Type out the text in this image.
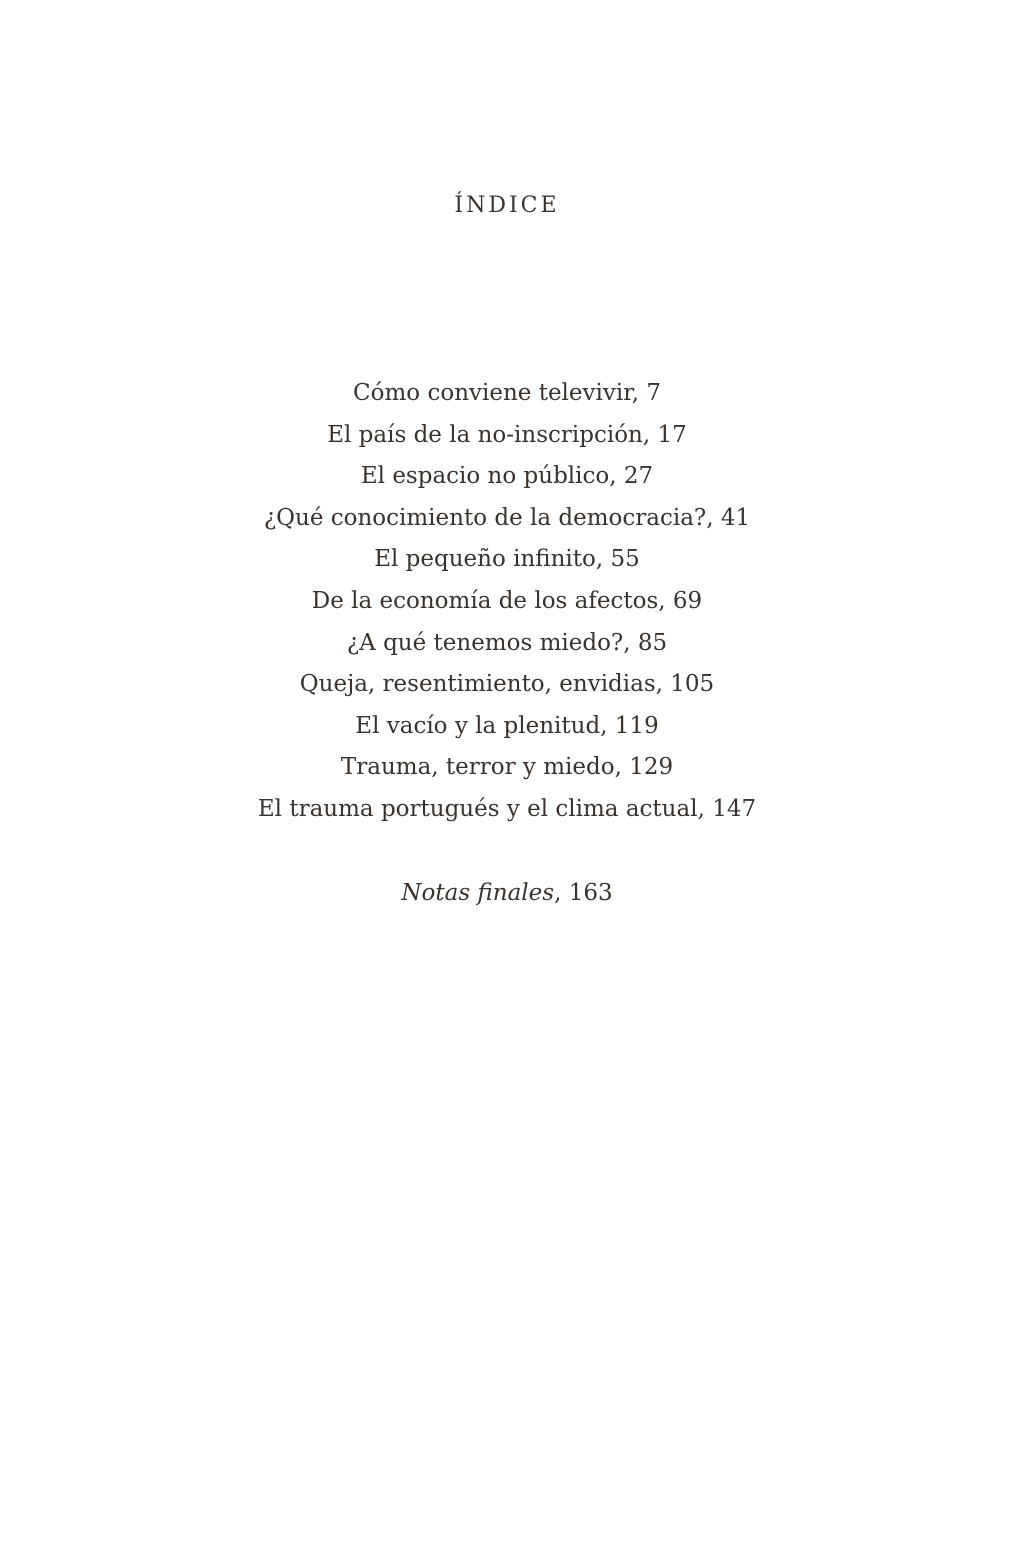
ÍNDICE
Cómo conviene televivir, 7
El país de la no-inscripción, 17
El espacio no público, 27
¿Qué conocimiento de la democracia?, 41
El pequeño infinito, 55
De la economía de los afectos, 69
¿A qué tenemos miedo?, 85
Queja, resentimiento, envidias, 105
El vacío y la plenitud, 119
Trauma, terror y miedo, 129
El trauma portugués y el clima actual, 147
Notas finales, 163
